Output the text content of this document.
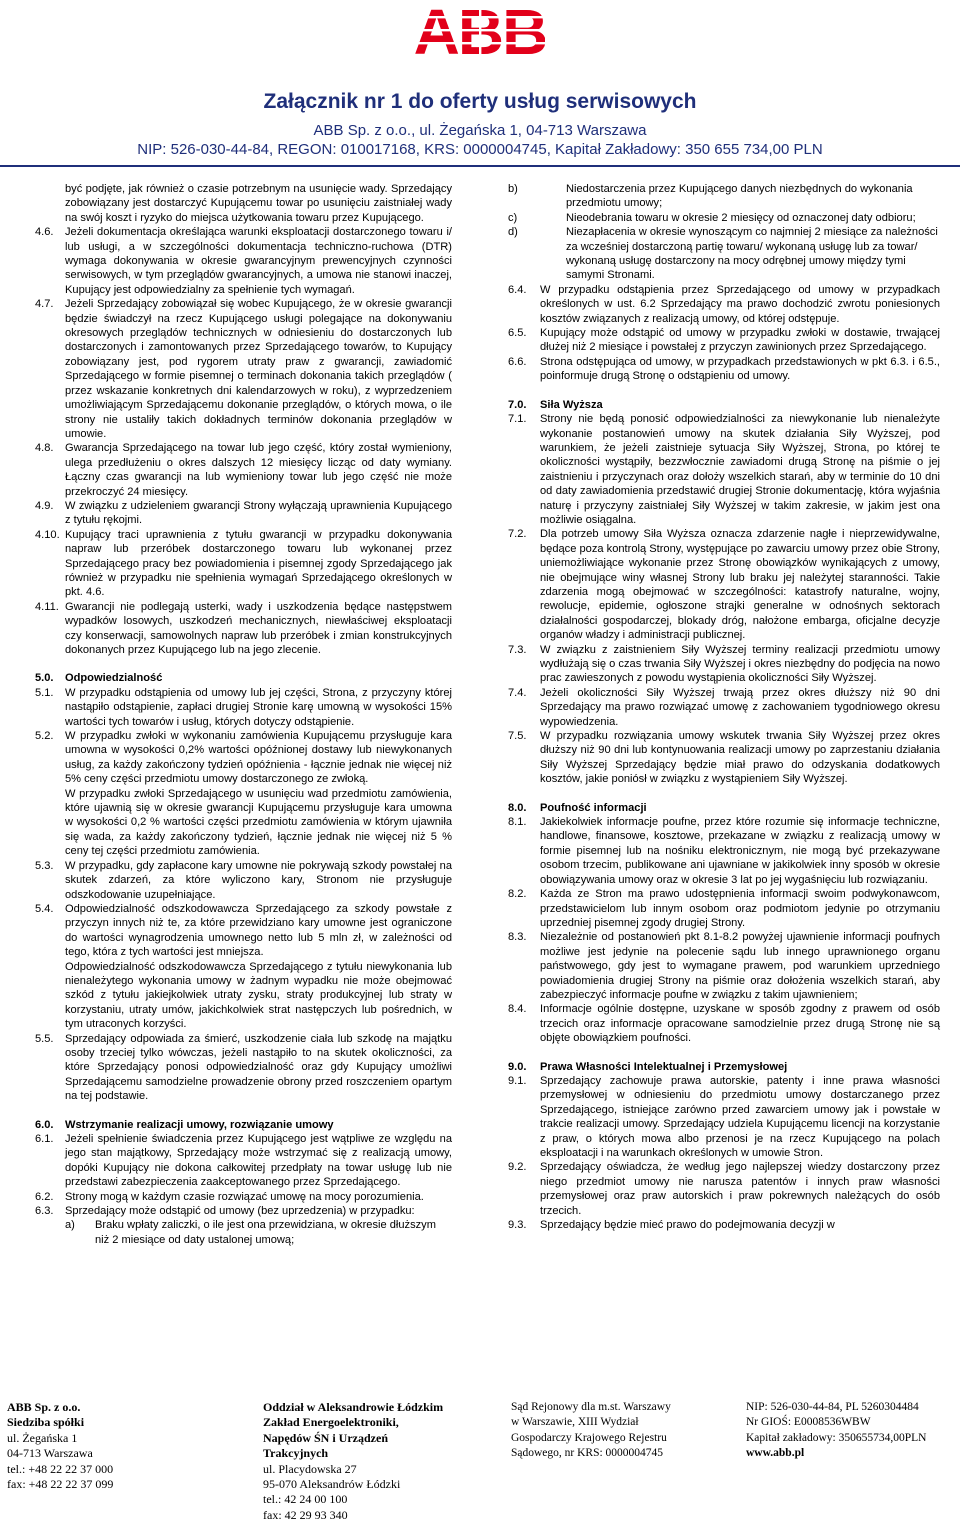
Załącznik nr 1 do oferty usług serwisowych
ABB Sp. z o.o., ul. Żegańska 1, 04-713 Warszawa
NIP: 526-030-44-84, REGON: 010017168, KRS: 0000004745, Kapitał Zakładowy: 350 655 734,00 PLN
być podjęte, jak również o czasie potrzebnym na usunięcie wady. Sprzedający zobowiązany jest dostarczyć Kupującemu towar po usunięciu zaistniałej wady na swój koszt i ryzyko do miejsca użytkowania towaru przez Kupującego.
4.6.	Jeżeli dokumentacja określająca warunki eksploatacji dostarczonego towaru i/ lub usługi, a w szczególności dokumentacja techniczno-ruchowa (DTR) wymaga dokonywania w okresie gwarancyjnym prewencyjnych czynności serwisowych, w tym przeglądów gwarancyjnych, a umowa nie stanowi inaczej, Kupujący jest odpowiedzialny za spełnienie tych wymagań.
4.7.	Jeżeli Sprzedający zobowiązał się wobec Kupującego, że w okresie gwarancji będzie świadczył na rzecz Kupującego usługi polegające na dokonywaniu okresowych przeglądów technicznych w odniesieniu do dostarczonych lub dostarczonych i zamontowanych przez Sprzedającego towarów, to Kupujący zobowiązany jest, pod rygorem utraty praw z gwarancji, zawiadomić Sprzedającego w formie pisemnej o terminach dokonania takich przeglądów ( przez wskazanie konkretnych dni kalendarzowych w roku), z wyprzedzeniem umożliwiającym Sprzedającemu dokonanie przeglądów, o których mowa, o ile strony nie ustaliły takich dokładnych terminów dokonania przeglądów w umowie.
4.8.	Gwarancja Sprzedającego na towar lub jego część, który został wymieniony, ulega przedłużeniu o okres dalszych 12 miesięcy licząc od daty wymiany. Łączny czas gwarancji na lub wymieniony towar lub jego część nie może przekroczyć 24 miesięcy.
4.9.	W związku z udzieleniem gwarancji Strony wyłączają uprawnienia Kupującego z tytułu rękojmi.
4.10. Kupujący traci uprawnienia z tytułu gwarancji w przypadku dokonywania napraw lub przeróbek dostarczonego towaru lub wykonanej przez Sprzedającego pracy bez powiadomienia i pisemnej zgody Sprzedającego jak również w przypadku nie spełnienia wymagań Sprzedającego określonych w pkt. 4.6.
4.11. Gwarancji nie podlegają usterki, wady i uszkodzenia będące następstwem wypadków losowych, uszkodzeń mechanicznych, niewłaściwej eksploatacji czy konserwacji, samowolnych napraw lub przeróbek i zmian konstrukcyjnych dokonanych przez Kupującego lub na jego zlecenie.
5.0.	Odpowiedzialność
5.1.	W przypadku odstąpienia od umowy lub jej części, Strona, z przyczyny której nastąpiło odstąpienie, zapłaci drugiej Stronie karę umowną w wysokości 15% wartości tych towarów i usług, których dotyczy odstąpienie.
5.2.	W przypadku zwłoki w wykonaniu zamówienia Kupującemu przysługuje kara umowna w wysokości 0,2% wartości opóźnionej dostawy lub niewykonanych usług, za każdy zakończony tydzień opóźnienia - łącznie jednak nie więcej niż 5% ceny części przedmiotu umowy dostarczonego ze zwłoką.
W przypadku zwłoki Sprzedającego w usunięciu wad przedmiotu zamówienia, które ujawnią się w okresie gwarancji Kupującemu przysługuje kara umowna w wysokości 0,2 % wartości części przedmiotu zamówienia w którym ujawniła się wada, za każdy zakończony tydzień, łącznie jednak nie więcej niż 5 % ceny tej części przedmiotu zamówienia.
5.3.	W przypadku, gdy zapłacone kary umowne nie pokrywają szkody powstałej na skutek zdarzeń, za które wyliczono kary, Stronom nie przysługuje odszkodowanie uzupełniające.
5.4.	Odpowiedzialność odszkodowawcza Sprzedającego za szkody powstałe z przyczyn innych niż te, za które przewidziano kary umowne jest ograniczone do wartości wynagrodzenia umownego netto lub 5 mln zł, w zależności od tego, która z tych wartości jest mniejsza.
Odpowiedzialność odszkodowawcza Sprzedającego z tytułu niewykonania lub nienależytego wykonania umowy w żadnym wypadku nie może obejmować szkód z tytułu jakiejkolwiek utraty zysku, straty produkcyjnej lub straty w korzystaniu, utraty umów, jakichkolwiek strat następczych lub pośrednich, w tym utraconych korzyści.
5.5.	Sprzedający odpowiada za śmierć, uszkodzenie ciała lub szkodę na majątku osoby trzeciej tylko wówczas, jeżeli nastąpiło to na skutek okoliczności, za które Sprzedający ponosi odpowiedzialność oraz gdy Kupujący umożliwi Sprzedającemu samodzielne prowadzenie obrony przed roszczeniem opartym na tej podstawie.
6.0.	Wstrzymanie realizacji umowy, rozwiązanie umowy
6.1.	Jeżeli spełnienie świadczenia przez Kupującego jest wątpliwe ze względu na jego stan majątkowy, Sprzedający może wstrzymać się z realizacją umowy, dopóki Kupujący nie dokona całkowitej przedpłaty na towar usługę lub nie przedstawi zabezpieczenia zaakceptowanego przez Sprzedającego.
6.2.	Strony mogą w każdym czasie rozwiązać umowę na mocy porozumienia.
6.3.	Sprzedający może odstąpić od umowy (bez uprzedzenia) w przypadku:
a)	Braku wpłaty zaliczki, o ile jest ona przewidziana, w okresie dłuższym niż 2 miesiące od daty ustalonej umową;
b)	Niedostarczenia przez Kupującego danych niezbędnych do wykonania przedmiotu umowy;
c)	Nieodebrania towaru w okresie 2 miesięcy od oznaczonej daty odbioru;
d)	Niezapłacenia w okresie wynoszącym co najmniej 2 miesiące za należności za wcześniej dostarczoną partię towaru/ wykonaną usługę lub za towar/ wykonaną usługę dostarczony na mocy odrębnej umowy między tymi samymi Stronami.
6.4.	W przypadku odstąpienia przez Sprzedającego od umowy w przypadkach określonych w ust. 6.2 Sprzedający ma prawo dochodzić zwrotu poniesionych kosztów związanych z realizacją umowy, od której odstępuje.
6.5.	Kupujący może odstąpić od umowy w przypadku zwłoki w dostawie, trwającej dłużej niż 2 miesiące i powstałej z przyczyn zawinionych przez Sprzedającego.
6.6.	Strona odstępująca od umowy, w przypadkach przedstawionych w pkt 6.3. i 6.5., poinformuje drugą Stronę o odstąpieniu od umowy.
7.0.	Siła Wyższa
7.1.	Strony nie będą ponosić odpowiedzialności za niewykonanie lub nienależyte wykonanie postanowień umowy na skutek działania Siły Wyższej, pod warunkiem, że jeżeli zaistnieje sytuacja Siły Wyższej, Strona, po której te okoliczności wystąpiły, bezzwłocznie zawiadomi drugą Stronę na piśmie o jej zaistnieniu i przyczynach oraz dołoży wszelkich starań, aby w terminie do 10 dni od daty zawiadomienia przedstawić drugiej Stronie dokumentację, która wyjaśnia naturę i przyczyny zaistniałej Siły Wyższej w takim zakresie, w jakim jest ona możliwie osiągalna.
7.2.	Dla potrzeb umowy Siła Wyższa oznacza zdarzenie nagłe i nieprzewidywalne, będące poza kontrolą Strony, występujące po zawarciu umowy przez obie Strony, uniemożliwiające wykonanie przez Stronę obowiązków wynikających z umowy, nie obejmujące winy własnej Strony lub braku jej należytej staranności. Takie zdarzenia mogą obejmować w szczególności: katastrofy naturalne, wojny, rewolucje, epidemie, ogłoszone strajki generalne w odnośnych sektorach działalności gospodarczej, blokady dróg, nałożone embarga, oficjalne decyzje organów władzy i administracji publicznej.
7.3.	W związku z zaistnieniem Siły Wyższej terminy realizacji przedmiotu umowy wydłużają się o czas trwania Siły Wyższej i okres niezbędny do podjęcia na nowo prac zawieszonych z powodu wystąpienia okoliczności Siły Wyższej.
7.4.	Jeżeli okoliczności Siły Wyższej trwają przez okres dłuższy niż 90 dni Sprzedający ma prawo rozwiązać umowę z zachowaniem tygodniowego okresu wypowiedzenia.
7.5.	W przypadku rozwiązania umowy wskutek trwania Siły Wyższej przez okres dłuższy niż 90 dni lub kontynuowania realizacji umowy po zaprzestaniu działania Siły Wyższej Sprzedający będzie miał prawo do odzyskania dodatkowych kosztów, jakie poniósł w związku z wystąpieniem Siły Wyższej.
8.0.	Poufność informacji
8.1.	Jakiekolwiek informacje poufne, przez które rozumie się informacje techniczne, handlowe, finansowe, kosztowe, przekazane w związku z realizacją umowy w formie pisemnej lub na nośniku elektronicznym, nie mogą być przekazywane osobom trzecim, publikowane ani ujawniane w jakikolwiek inny sposób w okresie obowiązywania umowy oraz w okresie 3 lat po jej wygaśnięciu lub rozwiązaniu.
8.2.	Każda ze Stron ma prawo udostępnienia informacji swoim podwykonawcom, przedstawicielom lub innym osobom oraz podmiotom jedynie po otrzymaniu uprzedniej pisemnej zgody drugiej Strony.
8.3.	Niezależnie od postanowień pkt 8.1-8.2 powyżej ujawnienie informacji poufnych możliwe jest jedynie na polecenie sądu lub innego uprawnionego organu państwowego, gdy jest to wymagane prawem, pod warunkiem uprzedniego powiadomienia drugiej Strony na piśmie oraz dołożenia wszelkich starań, aby zabezpieczyć informacje poufne w związku z takim ujawnieniem;
8.4.	Informacje ogólnie dostępne, uzyskane w sposób zgodny z prawem od osób trzecich oraz informacje opracowane samodzielnie przez drugą Stronę nie są objęte obowiązkiem poufności.
9.0.	Prawa Własności Intelektualnej i Przemysłowej
9.1.	Sprzedający zachowuje prawa autorskie, patenty i inne prawa własności przemysłowej w odniesieniu do przedmiotu umowy dostarczanego przez Sprzedającego, istniejące zarówno przed zawarciem umowy jak i powstałe w trakcie realizacji umowy. Sprzedający udziela Kupującemu licencji na korzystanie z praw, o których mowa albo przenosi je na rzecz Kupującego na polach eksploatacji i na warunkach określonych w umowie Stron.
9.2.	Sprzedający oświadcza, że według jego najlepszej wiedzy dostarczony przez niego przedmiot umowy nie narusza patentów i innych praw własności przemysłowej oraz praw autorskich i praw pokrewnych należących do osób trzecich.
9.3.	Sprzedający będzie mieć prawo do podejmowania decyzji w
ABB Sp. z o.o.
Siedziba spółki
ul. Żegańska 1
04-713 Warszawa
tel.: +48 22 22 37 000
fax: +48 22 22 37 099
Oddział w Aleksandrowie Łódzkim
Zakład Energoelektroniki,
Napędów ŚN i Urządzeń
Trakcyjnych
ul. Placydowska 27
95-070 Aleksandrów Łódzki
tel.: 42 24 00 100
fax: 42 29 93 340
Sąd Rejonowy dla m.st. Warszawy	NIP: 526-030-44-84, PL 5260304484
w Warszawie, XIII Wydział	Nr GIOŚ: E0008536WBW
Gospodarczy Krajowego Rejestru	Kapitał zakładowy: 350655734,00PLN
Sądowego, nr KRS: 0000004745	www.abb.pl
